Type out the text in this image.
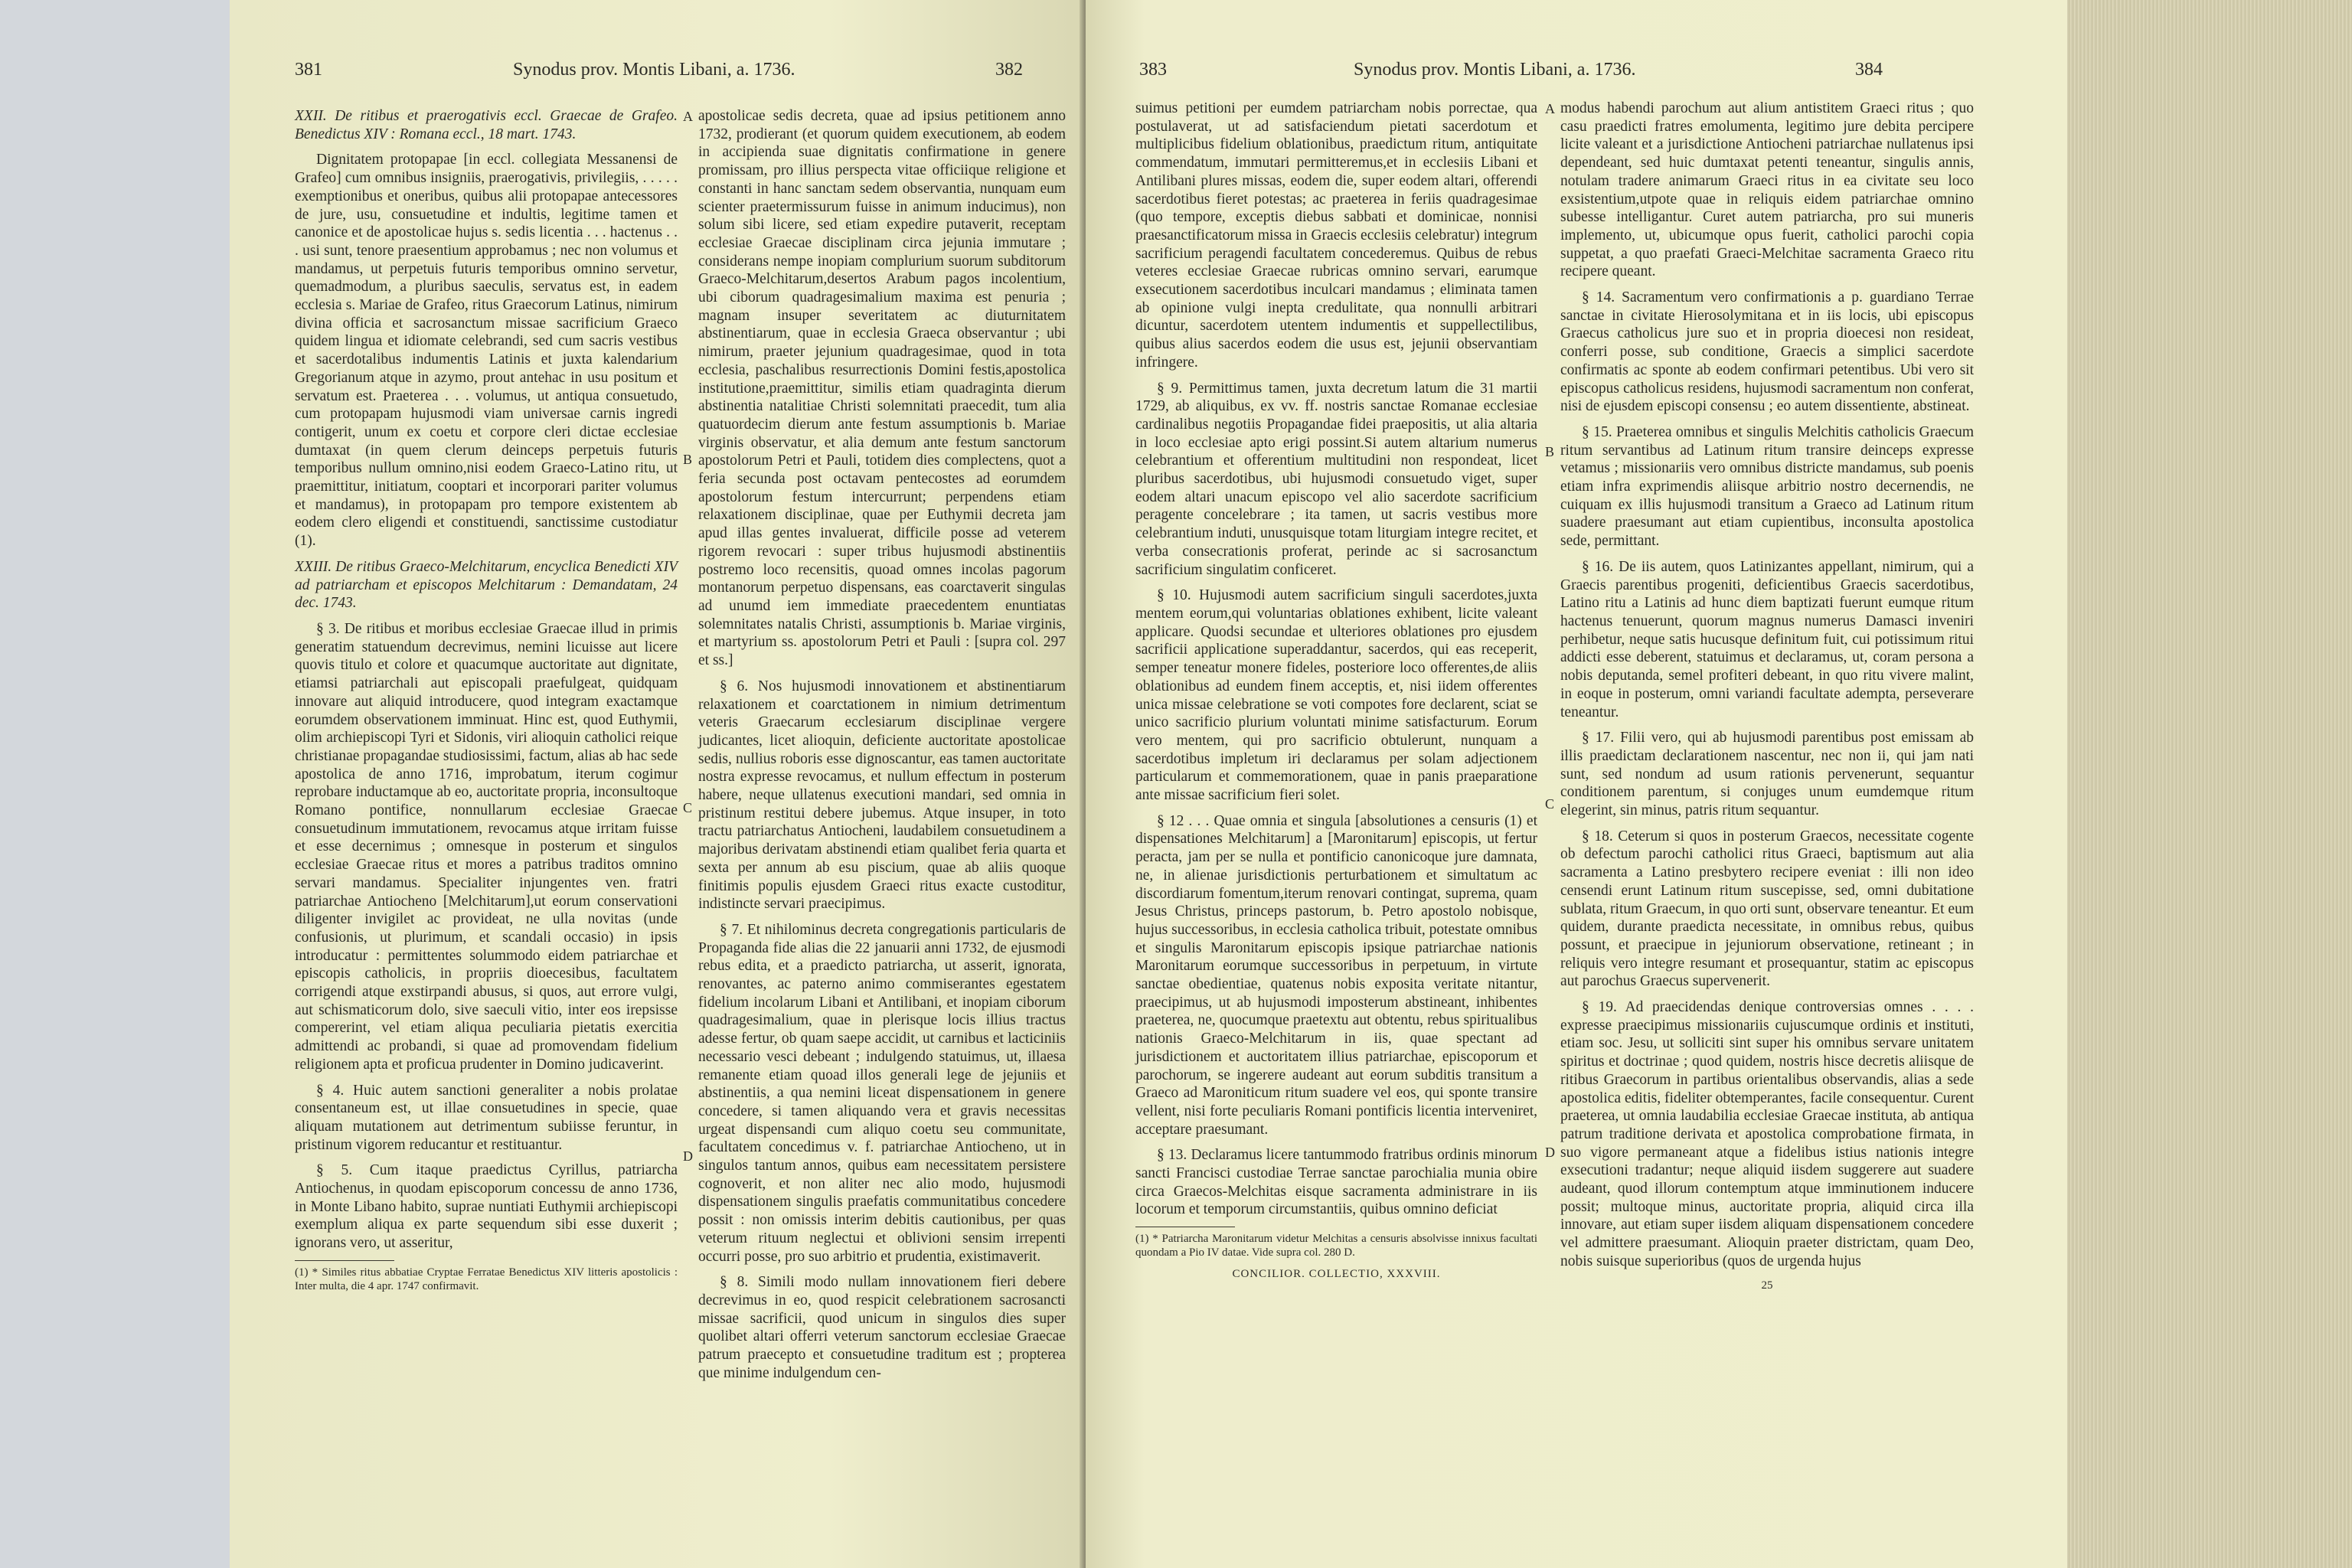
381	Synodus prov. Montis Libani, a. 1736.	382

XXII. De ritibus et praerogativis eccl. Graecae de Grafeo. Benedictus XIV : Romana eccl., 18 mart. 1743.

Dignitatem protopapae [in eccl. collegiata Messanensi de Grafeo] cum omnibus insigniis, praerogativis, privilegiis, . . . . . exemptionibus et oneribus, quibus alii protopapae antecessores de jure, usu, consuetudine et indultis, legitime tamen et canonice et de apostolicae hujus s. sedis licentia . . . hactenus . . . usi sunt, tenore praesentium approbamus ; nec non volumus et mandamus, ut perpetuis futuris temporibus omnino servetur, quemadmodum, a pluribus saeculis, servatus est, in eadem ecclesia s. Mariae de Grafeo, ritus Graecorum Latinus, nimirum divina officia et sacrosanctum missae sacrificium Graeco quidem lingua et idiomate celebrandi, sed cum sacris vestibus et sacerdotalibus indumentis Latinis et juxta kalendarium Gregorianum atque in azymo, prout antehac in usu positum et servatum est. Praeterea . . . volumus, ut antiqua consuetudo, cum protopapam hujusmodi viam universae carnis ingredi contigerit, unum ex coetu et corpore cleri dictae ecclesiae dumtaxat (in quem clerum deinceps perpetuis futuris temporibus nullum omnino,nisi eodem Graeco-Latino ritu, ut praemittitur, initiatum, cooptari et incorporari pariter volumus et mandamus), in protopapam pro tempore existentem ab eodem clero eligendi et constituendi, sanctissime custodiatur (1).

XXIII. De ritibus Graeco-Melchitarum, encyclica Benedicti XIV ad patriarcham et episcopos Melchitarum : Demandatam, 24 dec. 1743.

§ 3. De ritibus et moribus ecclesiae Graecae illud in primis generatim statuendum decrevimus, nemini licuisse aut licere quovis titulo et colore et quacumque auctoritate aut dignitate, etiamsi patriarchali aut episcopali praefulgeat, quidquam innovare aut aliquid introducere, quod integram exactamque eorumdem observationem imminuat. Hinc est, quod Euthymii, olim archiepiscopi Tyri et Sidonis, viri alioquin catholici reique christianae propagandae studiosissimi, factum, alias ab hac sede apostolica de anno 1716, improbatum, iterum cogimur reprobare inductamque ab eo, auctoritate propria, inconsultoque Romano pontifice, nonnullarum ecclesiae Graecae consuetudinum immutationem, revocamus atque irritam fuisse et esse decernimus ; omnesque in posterum et singulos ecclesiae Graecae ritus et mores a patribus traditos omnino servari mandamus. Specialiter injungentes ven. fratri patriarchae Antiocheno [Melchitarum],ut eorum conservationi diligenter invigilet ac provideat, ne ulla novitas (unde confusionis, ut plurimum, et scandali occasio) in ipsis introducatur : permittentes solummodo eidem patriarchae et episcopis catholicis, in propriis dioecesibus, facultatem corrigendi atque exstirpandi abusus, si quos, aut errore vulgi, aut schismaticorum dolo, sive saeculi vitio, inter eos irepsisse compererint, vel etiam aliqua peculiaria pietatis exercitia admittendi ac probandi, si quae ad promovendam fidelium religionem apta et proficua prudenter in Domino judicaverint.

§ 4. Huic autem sanctioni generaliter a nobis prolatae consentaneum est, ut illae consuetudines in specie, quae aliquam mutationem aut detrimentum subiisse feruntur, in pristinum vigorem reducantur et restituantur.

§ 5. Cum itaque praedictus Cyrillus, patriarcha Antiochenus, in quodam episcoporum concessu de anno 1736, in Monte Libano habito, suprae nuntiati Euthymii archiepiscopi exemplum aliqua ex parte sequendum sibi esse duxerit ; ignorans vero, ut asseritur,

(1) * Similes ritus abbatiae Cryptae Ferratae Benedictus XIV litteris apostolicis : Inter multa, die 4 apr. 1747 confirmavit.

A
B
C
D

apostolicae sedis decreta, quae ad ipsius petitionem anno 1732, prodierant (et quorum quidem executionem, ab eodem in accipienda suae dignitatis confirmatione in genere promissam, pro illius perspecta vitae officiique religione et constanti in hanc sanctam sedem observantia, nunquam eum scienter praetermissurum fuisse in animum inducimus), non solum sibi licere, sed etiam expedire putaverit, receptam ecclesiae Graecae disciplinam circa jejunia immutare ; considerans nempe inopiam complurium suorum subditorum Graeco-Melchitarum,desertos Arabum pagos incolentium, ubi ciborum quadragesimalium maxima est penuria ; magnam insuper severitatem ac diuturnitatem abstinentiarum, quae in ecclesia Graeca observantur ; ubi nimirum, praeter jejunium quadragesimae, quod in tota ecclesia, paschalibus resurrectionis Domini festis,apostolica institutione,praemittitur, similis etiam quadraginta dierum abstinentia natalitiae Christi solemnitati praecedit, tum alia quatuordecim dierum ante festum assumptionis b. Mariae virginis observatur, et alia demum ante festum sanctorum apostolorum Petri et Pauli, totidem dies complectens, quot a feria secunda post octavam pentecostes ad eorumdem apostolorum festum intercurrunt; perpendens etiam relaxationem disciplinae, quae per Euthymii decreta jam apud illas gentes invaluerat, difficile posse ad veterem rigorem revocari : super tribus hujusmodi abstinentiis postremo loco recensitis, quoad omnes incolas pagorum montanorum perpetuo dispensans, eas coarctaverit singulas ad unumd iem immediate praecedentem enuntiatas solemnitates natalis Christi, assumptionis b. Mariae virginis, et martyrium ss. apostolorum Petri et Pauli : [supra col. 297 et ss.]

§ 6. Nos hujusmodi innovationem et abstinentiarum relaxationem et coarctationem in nimium detrimentum veteris Graecarum ecclesiarum disciplinae vergere judicantes, licet alioquin, deficiente auctoritate apostolicae sedis, nullius roboris esse dignoscantur, eas tamen auctoritate nostra expresse revocamus, et nullum effectum in posterum habere, neque ullatenus executioni mandari, sed omnia in pristinum restitui debere jubemus. Atque insuper, in toto tractu patriarchatus Antiocheni, laudabilem consuetudinem a majoribus derivatam abstinendi etiam qualibet feria quarta et sexta per annum ab esu piscium, quae ab aliis quoque finitimis populis ejusdem Graeci ritus exacte custoditur, indistincte servari praecipimus.

§ 7. Et nihilominus decreta congregationis particularis de Propaganda fide alias die 22 januarii anni 1732, de ejusmodi rebus edita, et a praedicto patriarcha, ut asserit, ignorata, renovantes, ac paterno animo commiserantes egestatem fidelium incolarum Libani et Antilibani, et inopiam ciborum quadragesimalium, quae in plerisque locis illius tractus adesse fertur, ob quam saepe accidit, ut carnibus et lacticiniis necessario vesci debeant ; indulgendo statuimus, ut, illaesa remanente etiam quoad illos generali lege de jejuniis et abstinentiis, a qua nemini liceat dispensationem in genere concedere, si tamen aliquando vera et gravis necessitas urgeat dispensandi cum aliquo coetu seu communitate, facultatem concedimus v. f. patriarchae Antiocheno, ut in singulos tantum annos, quibus eam necessitatem persistere cognoverit, et non aliter nec alio modo, hujusmodi dispensationem singulis praefatis communitatibus concedere possit : non omissis interim debitis cautionibus, per quas veterum rituum neglectui et oblivioni sensim irrepenti occurri posse, pro suo arbitrio et prudentia, existimaverit.

§ 8. Simili modo nullam innovationem fieri debere decrevimus in eo, quod respicit celebrationem sacrosancti missae sacrificii, quod unicum in singulos dies super quolibet altari offerri veterum sanctorum ecclesiae Graecae patrum praecepto et consuetudine traditum est ; propterea que minime indulgendum cen-

383	Synodus prov. Montis Libani, a. 1736.	384

suimus petitioni per eumdem patriarcham nobis porrectae, qua postulaverat, ut ad satisfaciendum pietati sacerdotum et multiplicibus fidelium oblationibus, praedictum ritum, antiquitate commendatum, immutari permitteremus,et in ecclesiis Libani et Antilibani plures missas, eodem die, super eodem altari, offerendi sacerdotibus fieret potestas; ac praeterea in feriis quadragesimae (quo tempore, exceptis diebus sabbati et dominicae, nonnisi praesanctificatorum missa in Graecis ecclesiis celebratur) integrum sacrificium peragendi facultatem concederemus. Quibus de rebus veteres ecclesiae Graecae rubricas omnino servari, earumque exsecutionem sacerdotibus inculcari mandamus ; eliminata tamen ab opinione vulgi inepta credulitate, qua nonnulli arbitrari dicuntur, sacerdotem utentem indumentis et suppellectilibus, quibus alius sacerdos eodem die usus est, jejunii observantiam infringere.

§ 9. Permittimus tamen, juxta decretum latum die 31 martii 1729, ab aliquibus, ex vv. ff. nostris sanctae Romanae ecclesiae cardinalibus negotiis Propagandae fidei praepositis, ut alia altaria in loco ecclesiae apto erigi possint.Si autem altarium numerus celebrantium et offerentium multitudini non respondeat, licet pluribus sacerdotibus, ubi hujusmodi consuetudo viget, super eodem altari unacum episcopo vel alio sacerdote sacrificium peragente concelebrare ; ita tamen, ut sacris vestibus more celebrantium induti, unusquisque totam liturgiam integre recitet, et verba consecrationis proferat, perinde ac si sacrosanctum sacrificium singulatim conficeret.

§ 10. Hujusmodi autem sacrificium singuli sacerdotes,juxta mentem eorum,qui voluntarias oblationes exhibent, licite valeant applicare. Quodsi secundae et ulteriores oblationes pro ejusdem sacrificii applicatione superaddantur, sacerdos, qui eas receperit, semper teneatur monere fideles, posteriore loco offerentes,de aliis oblationibus ad eundem finem acceptis, et, nisi iidem offerentes unica missae celebratione se voti compotes fore declarent, sciat se unico sacrificio plurium voluntati minime satisfacturum. Eorum vero mentem, qui pro sacrificio obtulerunt, nunquam a sacerdotibus impletum iri declaramus per solam adjectionem particularum et commemorationem, quae in panis praeparatione ante missae sacrificium fieri solet.

§ 12 . . . Quae omnia et singula [absolutiones a censuris (1) et dispensationes Melchitarum] a [Maronitarum] episcopis, ut fertur peracta, jam per se nulla et pontificio canonicoque jure damnata, ne, in alienae jurisdictionis perturbationem et simultatum ac discordiarum fomentum,iterum renovari contingat, suprema, quam Jesus Christus, princeps pastorum, b. Petro apostolo nobisque, hujus successoribus, in ecclesia catholica tribuit, potestate omnibus et singulis Maronitarum episcopis ipsique patriarchae nationis Maronitarum eorumque successoribus in perpetuum, in virtute sanctae obedientiae, quatenus nobis exposita veritate nitantur, praecipimus, ut ab hujusmodi imposterum abstineant, inhibentes praeterea, ne, quocumque praetextu aut obtentu, rebus spiritualibus nationis Graeco-Melchitarum in iis, quae spectant ad jurisdictionem et auctoritatem illius patriarchae, episcoporum et parochorum, se ingerere audeant aut eorum subditis transitum a Graeco ad Maroniticum ritum suadere vel eos, qui sponte transire vellent, nisi forte peculiaris Romani pontificis licentia interveniret, acceptare praesumant.

§ 13. Declaramus licere tantummodo fratribus ordinis minorum sancti Francisci custodiae Terrae sanctae parochialia munia obire circa Graecos-Melchitas eisque sacramenta administrare in iis locorum et temporum circumstantiis, quibus omnino deficiat

(1) * Patriarcha Maronitarum videtur Melchitas a censuris absolvisse innixus facultati quondam a Pio IV datae. Vide supra col. 280 D.

CONCILIOR. COLLECTIO, XXXVIII.
A
B
C
D

modus habendi parochum aut alium antistitem Graeci ritus ; quo casu praedicti fratres emolumenta, legitimo jure debita percipere licite valeant et a jurisdictione Antiocheni patriarchae nullatenus ipsi dependeant, sed huic dumtaxat petenti teneantur, singulis annis, notulam tradere animarum Graeci ritus in ea civitate seu loco exsistentium,utpote quae in reliquis eidem patriarchae omnino subesse intelligantur. Curet autem patriarcha, pro sui muneris implemento, ut, ubicumque opus fuerit, catholici parochi copia suppetat, a quo praefati Graeci-Melchitae sacramenta Graeco ritu recipere queant.

§ 14. Sacramentum vero confirmationis a p. guardiano Terrae sanctae in civitate Hierosolymitana et in iis locis, ubi episcopus Graecus catholicus jure suo et in propria dioecesi non resideat, conferri posse, sub conditione, Graecis a simplici sacerdote confirmatis ac sponte ab eodem confirmari petentibus. Ubi vero sit episcopus catholicus residens, hujusmodi sacramentum non conferat, nisi de ejusdem episcopi consensu ; eo autem dissentiente, abstineat.

§ 15. Praeterea omnibus et singulis Melchitis catholicis Graecum ritum servantibus ad Latinum ritum transire deinceps expresse vetamus ; missionariis vero omnibus districte mandamus, sub poenis etiam infra exprimendis aliisque arbitrio nostro decernendis, ne cuiquam ex illis hujusmodi transitum a Graeco ad Latinum ritum suadere praesumant aut etiam cupientibus, inconsulta apostolica sede, permittant.

§ 16. De iis autem, quos Latinizantes appellant, nimirum, qui a Graecis parentibus progeniti, deficientibus Graecis sacerdotibus, Latino ritu a Latinis ad hunc diem baptizati fuerunt eumque ritum hactenus tenuerunt, quorum magnus numerus Damasci inveniri perhibetur, neque satis hucusque definitum fuit, cui potissimum ritui addicti esse deberent, statuimus et declaramus, ut, coram persona a nobis deputanda, semel profiteri debeant, in quo ritu vivere malint, in eoque in posterum, omni variandi facultate adempta, perseverare teneantur.

§ 17. Filii vero, qui ab hujusmodi parentibus post emissam ab illis praedictam declarationem nascentur, nec non ii, qui jam nati sunt, sed nondum ad usum rationis pervenerunt, sequantur conditionem parentum, si conjuges unum eumdemque ritum elegerint, sin minus, patris ritum sequantur.

§ 18. Ceterum si quos in posterum Graecos, necessitate cogente ob defectum parochi catholici ritus Graeci, baptismum aut alia sacramenta a Latino presbytero recipere eveniat : illi non ideo censendi erunt Latinum ritum suscepisse, sed, omni dubitatione sublata, ritum Graecum, in quo orti sunt, observare teneantur. Et eum quidem, durante praedicta necessitate, in omnibus rebus, quibus possunt, et praecipue in jejuniorum observatione, retineant ; in reliquis vero integre resumant et prosequantur, statim ac episcopus aut parochus Graecus supervenerit.

§ 19. Ad praecidendas denique controversias omnes . . . . expresse praecipimus missionariis cujuscumque ordinis et instituti, etiam soc. Jesu, ut solliciti sint super his omnibus servare unitatem spiritus et doctrinae ; quod quidem, nostris hisce decretis aliisque de ritibus Graecorum in partibus orientalibus observandis, alias a sede apostolica editis, fideliter obtemperantes, facile consequentur. Curent praeterea, ut omnia laudabilia ecclesiae Graecae instituta, ab antiqua patrum traditione derivata et apostolica comprobatione firmata, in suo vigore permaneant atque a fidelibus istius nationis integre exsecutioni tradantur; neque aliquid iisdem suggerere aut suadere audeant, quod illorum contemptum atque imminutionem inducere possit; multoque minus, auctoritate propria, aliquid circa illa innovare, aut etiam super iisdem aliquam dispensationem concedere vel admittere praesumant. Alioquin praeter districtam, quam Deo, nobis suisque superioribus (quos de urgenda hujus

25
